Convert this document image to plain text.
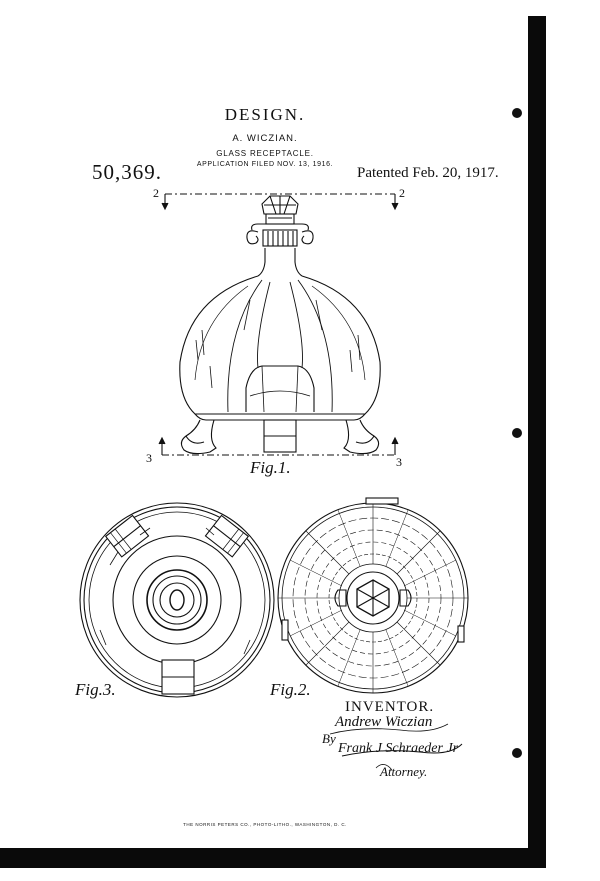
DESIGN.
A. WICZIAN.
GLASS RECEPTACLE.
APPLICATION FILED NOV. 13, 1916.
50,369.	Patented Feb. 20, 1917.
2	2
3	3
Fig.1.
Fig.3.	Fig.2.
INVENTOR.
Andrew Wiczian
By
Frank J Schraeder Jr
Attorney.
THE NORRIS PETERS CO., PHOTO-LITHO., WASHINGTON, D. C.
